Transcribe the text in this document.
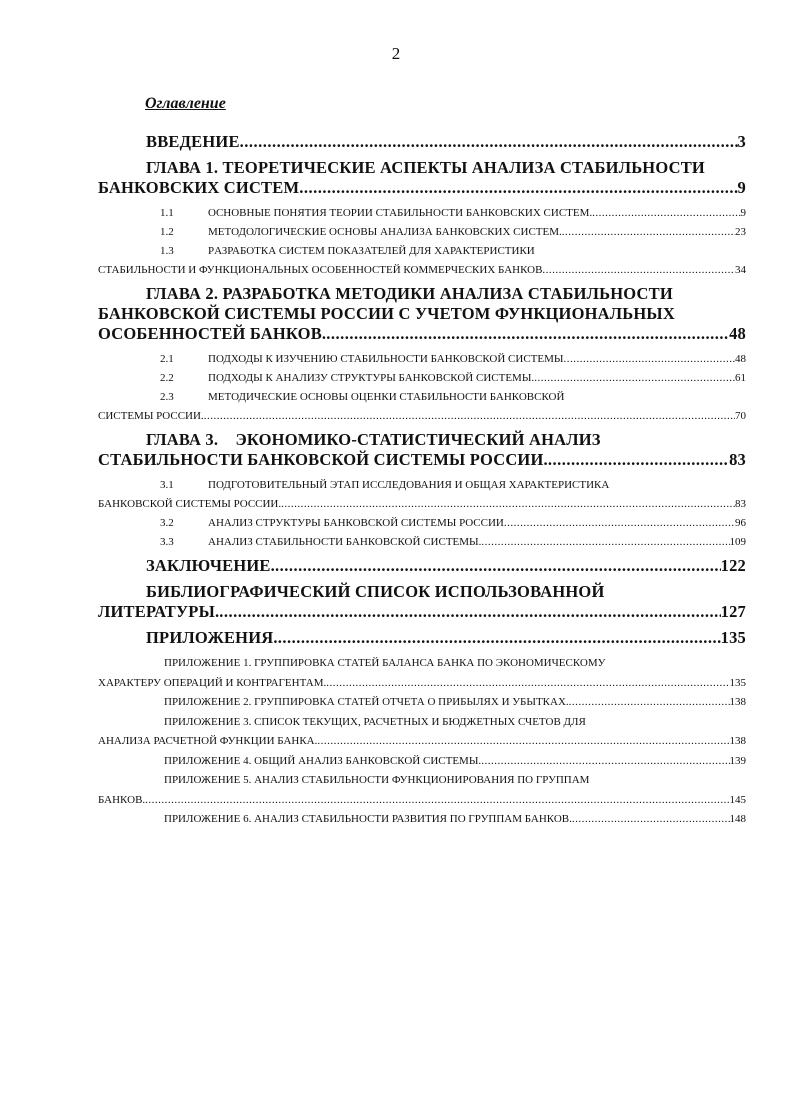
2
Оглавление
ВВЕДЕНИЕ .....	3
ГЛАВА 1. ТЕОРЕТИЧЕСКИЕ АСПЕКТЫ АНАЛИЗА СТАБИЛЬНОСТИ
БАНКОВСКИХ СИСТЕМ .....	9
1.1 Основные понятия теории стабильности банковских систем. .....	9
1.2 Методологические основы анализа банковских систем. .....	23
1.3 Разработка систем показателей для характеристики
стабильности и функциональных особенностей коммерческих банков .....	34
ГЛАВА 2. РАЗРАБОТКА МЕТОДИКИ АНАЛИЗА СТАБИЛЬНОСТИ
БАНКОВСКОЙ СИСТЕМЫ РОССИИ С УЧЕТОМ ФУНКЦИОНАЛЬНЫХ
ОСОБЕННОСТЕЙ БАНКОВ. .....	48
2.1 Подходы к изучению стабильности банковской системы .....	48
2.2 Подходы к анализу структуры банковской системы. .....	61
2.3 Методические основы оценки стабильности банковской
системы России. .....	70
ГЛАВА 3.    ЭКОНОМИКО-СТАТИСТИЧЕСКИЙ АНАЛИЗ
СТАБИЛЬНОСТИ БАНКОВСКОЙ СИСТЕМЫ РОССИИ. .....	83
3.1 Подготовительный этап исследования и общая характеристика
банковской системы России. .....	83
3.2 Анализ структуры банковской системы России .....	96
3.3 Анализ стабильности банковской системы. .....	109
ЗАКЛЮЧЕНИЕ. .....	122
БИБЛИОГРАФИЧЕСКИЙ СПИСОК ИСПОЛЬЗОВАННОЙ
ЛИТЕРАТУРЫ. .....	127
ПРИЛОЖЕНИЯ. .....	135
Приложение 1. Группировка статей баланса банка по экономическому
характеру операций и контрагентам. .....	135
Приложение 2. Группировка статей отчета о прибылях и убытках. .....	138
Приложение 3. Список текущих, расчетных и бюджетных счетов для
анализа расчетной функции банка. .....	138
Приложение 4. Общий анализ банковской системы. .....	139
Приложение 5. Анализ стабильности функционирования по группам
банков. .....	145
Приложение 6. Анализ стабильности развития по группам банков. .....	148
